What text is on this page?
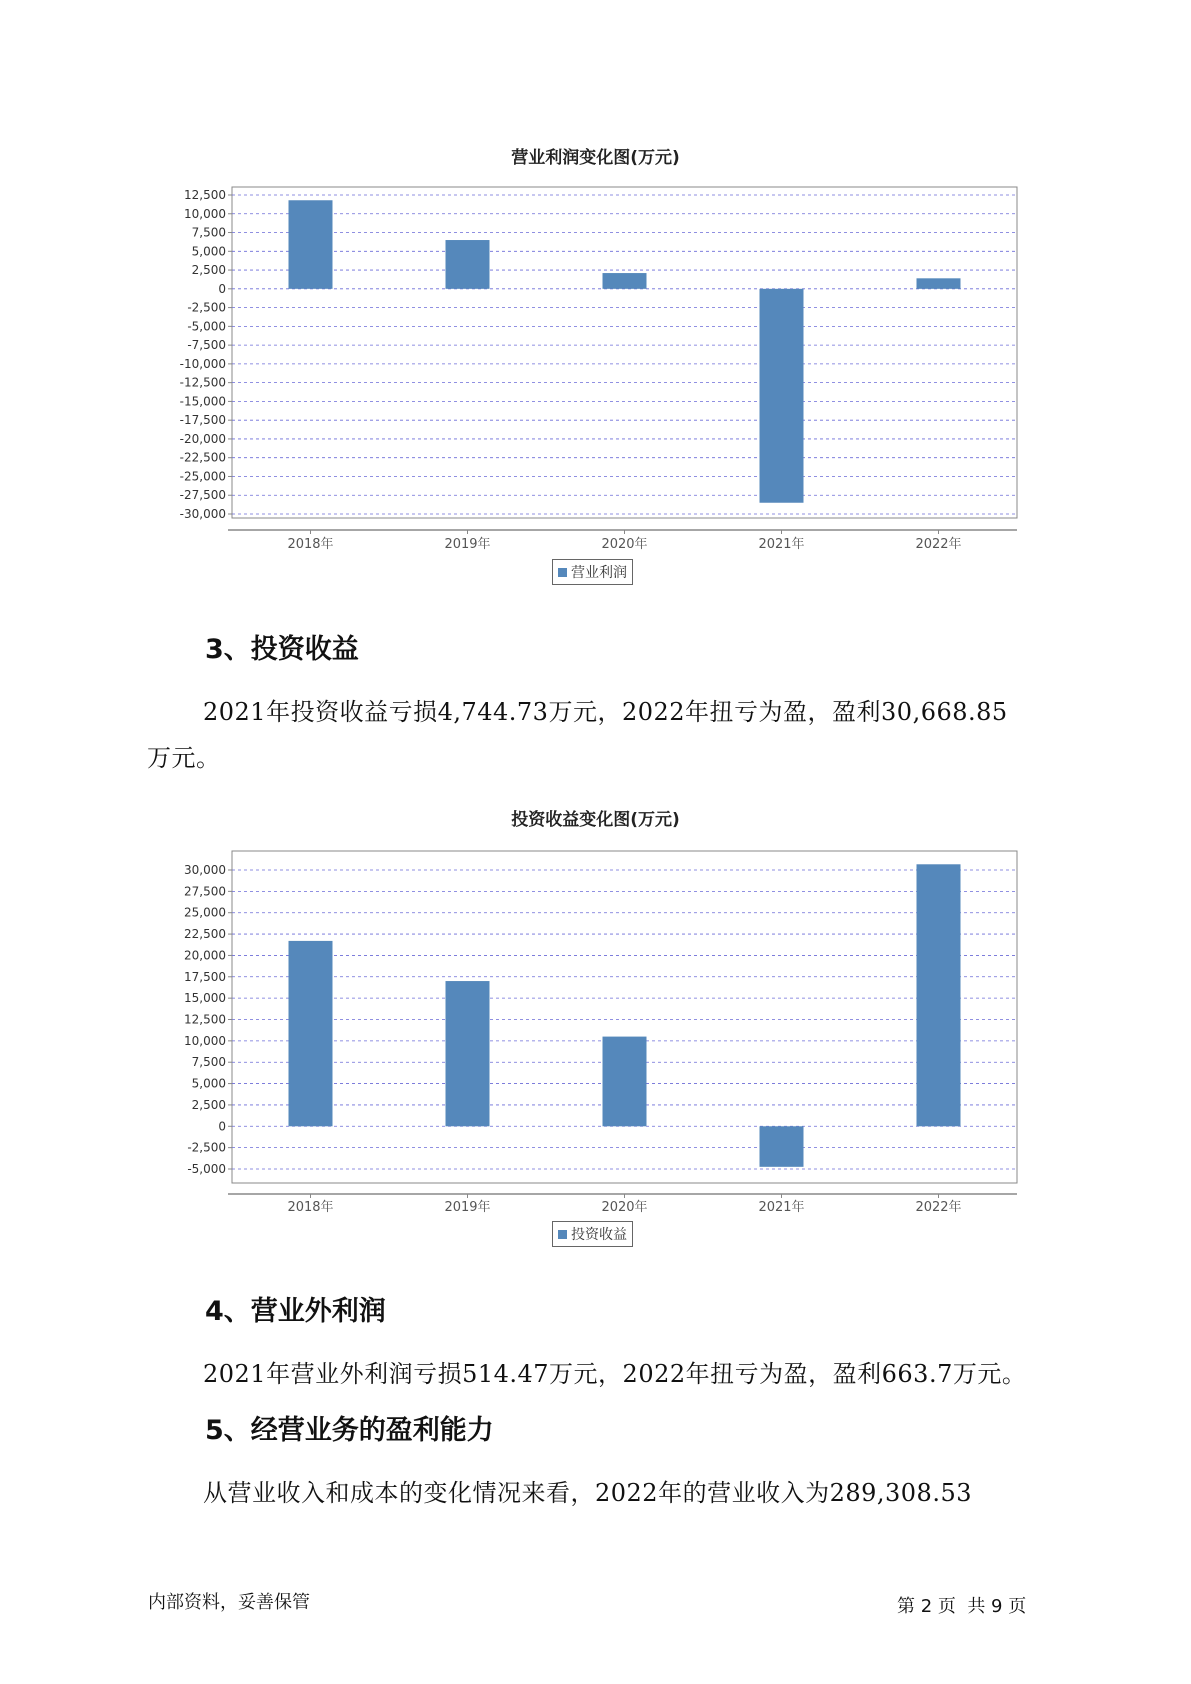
营业利润变化图(万元)
12,500
10,000
7,500
5,000
2,500
0
-2,500
-5,000
-7,500
-10,000
-12,500
-15,000
-17,500
-20,000
-22,500
-25,000
-27,500
-30,000
2018年	2019年	2020年	2021年	2022年
营业利润
3、投资收益
2021年投资收益亏损4,744.73万元，2022年扭亏为盈，盈利30,668.85
万元。
投资收益变化图(万元)
30,000
27,500
25,000
22,500
20,000
17,500
15,000
12,500
10,000
7,500
5,000
2,500
0
-2,500
-5,000
2018年	2019年	2020年	2021年	2022年
投资收益
4、营业外利润
2021年营业外利润亏损514.47万元，2022年扭亏为盈，盈利663.7万元。
5、经营业务的盈利能力
从营业收入和成本的变化情况来看，2022年的营业收入为289,308.53
内部资料，妥善保管	第 2 页  共 9 页
